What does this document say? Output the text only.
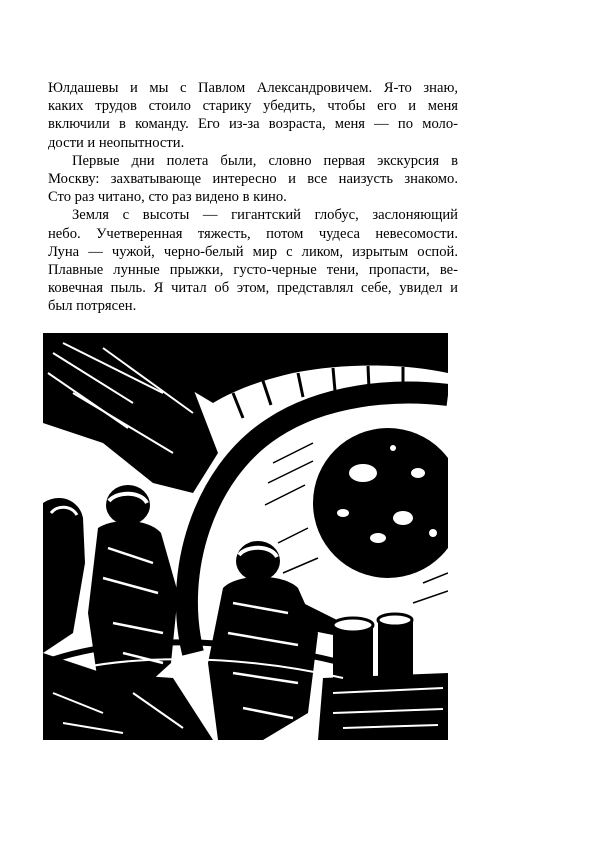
Юлдашевы и мы с Павлом Александровичем. Я-то знаю,
каких трудов стоило старику убедить, чтобы его и меня
включили в команду. Его из-за возраста, меня — по моло-
дости и неопытности.

Первые дни полета были, словно первая экскурсия в
Москву: захватывающе интересно и все наизусть знакомо.
Сто раз читано, сто раз видено в кино.

Земля с высоты — гигантский глобус, заслоняющий
небо. Учетверенная тяжесть, потом чудеса невесомости.
Луна — чужой, черно-белый мир с ликом, изрытым оспой.
Плавные лунные прыжки, густо-черные тени, пропасти, ве-
ковечная пыль. Я читал об этом, представлял себе, увидел и
был потрясен.
